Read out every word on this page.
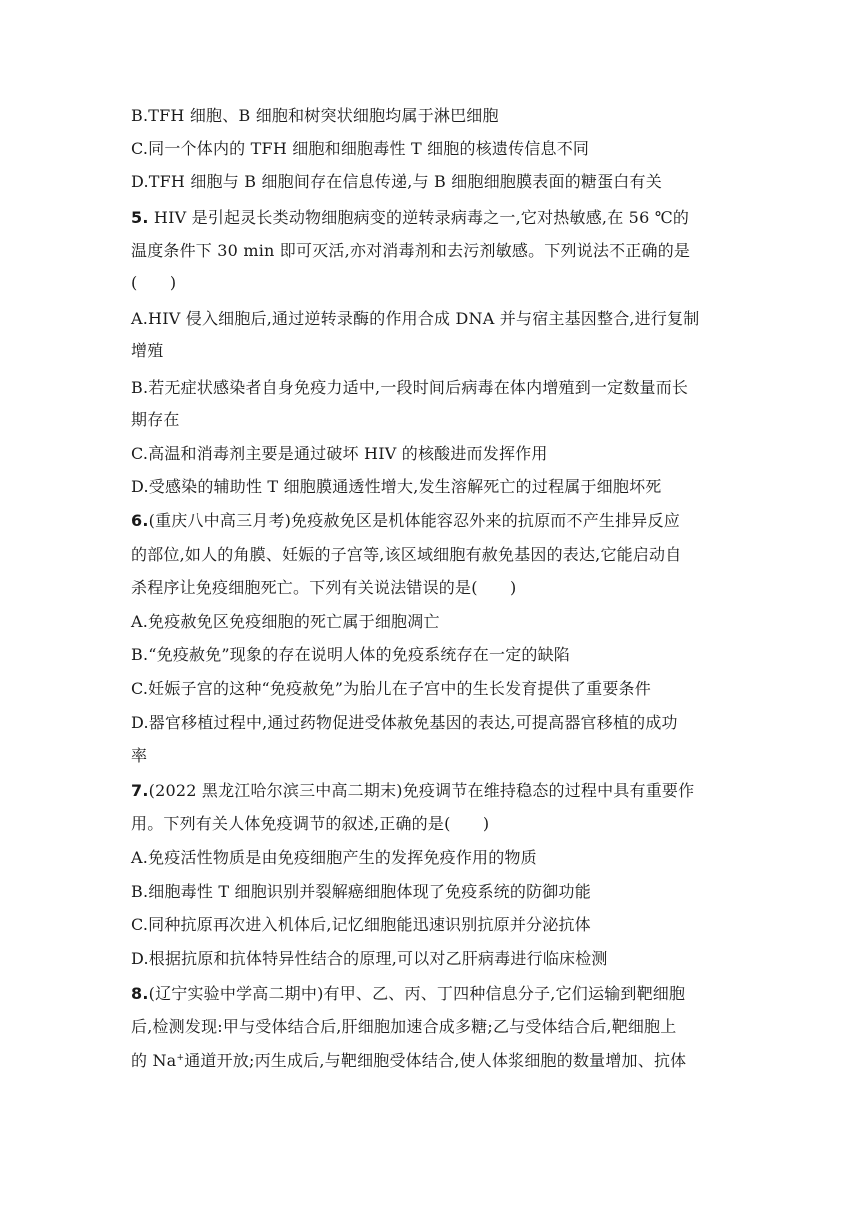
B.TFH 细胞、B 细胞和树突状细胞均属于淋巴细胞
C.同一个体内的 TFH 细胞和细胞毒性 T 细胞的核遗传信息不同
D.TFH 细胞与 B 细胞间存在信息传递,与 B 细胞细胞膜表面的糖蛋白有关
5. HIV 是引起灵长类动物细胞病变的逆转录病毒之一,它对热敏感,在 56 ℃的
温度条件下 30 min 即可灭活,亦对消毒剂和去污剂敏感。下列说法不正确的是
(　　)
A.HIV 侵入细胞后,通过逆转录酶的作用合成 DNA 并与宿主基因整合,进行复制
增殖
B.若无症状感染者自身免疫力适中,一段时间后病毒在体内增殖到一定数量而长
期存在
C.高温和消毒剂主要是通过破坏 HIV 的核酸进而发挥作用
D.受感染的辅助性 T 细胞膜通透性增大,发生溶解死亡的过程属于细胞坏死
6.(重庆八中高三月考)免疫赦免区是机体能容忍外来的抗原而不产生排异反应
的部位,如人的角膜、妊娠的子宫等,该区域细胞有赦免基因的表达,它能启动自
杀程序让免疫细胞死亡。下列有关说法错误的是(　　)
A.免疫赦免区免疫细胞的死亡属于细胞凋亡
B.“免疫赦免”现象的存在说明人体的免疫系统存在一定的缺陷
C.妊娠子宫的这种“免疫赦免”为胎儿在子宫中的生长发育提供了重要条件
D.器官移植过程中,通过药物促进受体赦免基因的表达,可提高器官移植的成功
率
7.(2022 黑龙江哈尔滨三中高二期末)免疫调节在维持稳态的过程中具有重要作
用。下列有关人体免疫调节的叙述,正确的是(　　)
A.免疫活性物质是由免疫细胞产生的发挥免疫作用的物质
B.细胞毒性 T 细胞识别并裂解癌细胞体现了免疫系统的防御功能
C.同种抗原再次进入机体后,记忆细胞能迅速识别抗原并分泌抗体
D.根据抗原和抗体特异性结合的原理,可以对乙肝病毒进行临床检测
8.(辽宁实验中学高二期中)有甲、乙、丙、丁四种信息分子,它们运输到靶细胞
后,检测发现:甲与受体结合后,肝细胞加速合成多糖;乙与受体结合后,靶细胞上
的 Na+通道开放;丙生成后,与靶细胞受体结合,使人体浆细胞的数量增加、抗体
